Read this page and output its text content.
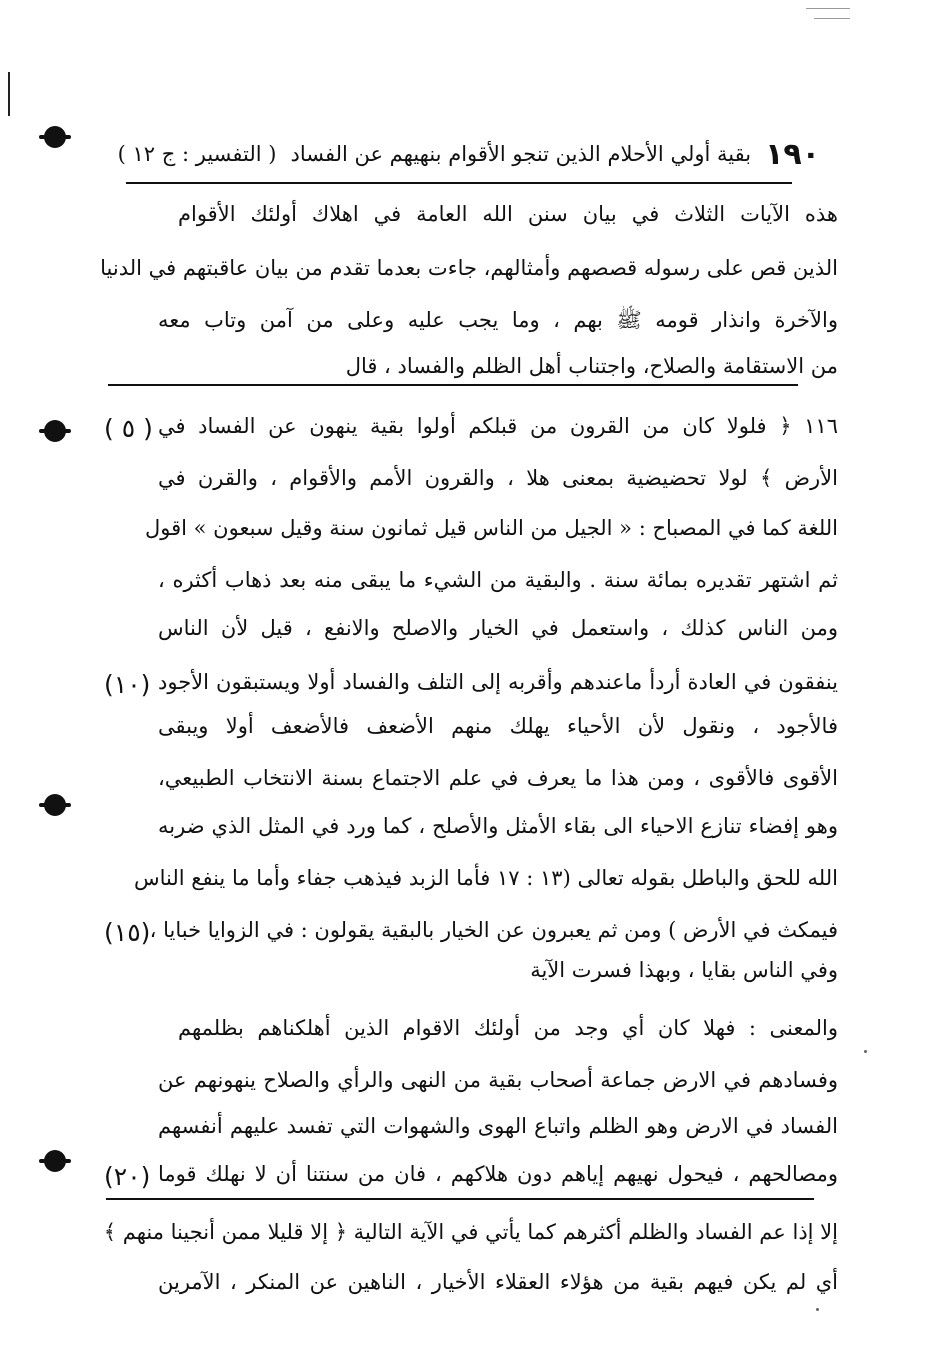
١٩٠
بقية أولي الأحلام الذين تنجو الأقوام بنهيهم عن الفساد
( التفسير : ج ١٢ )
هذه الآيات الثلاث في بيان سنن الله العامة في اهلاك أولئك الأقوام
الذين قص على رسوله قصصهم وأمثالهم، جاءت بعدما تقدم من بيان عاقبتهم في الدنيا
والآخرة وانذار قومه ﷺ بهم ، وما يجب عليه وعلى من آمن وتاب معه
من الاستقامة والصلاح، واجتناب أهل الظلم والفساد ، قال
١١٦ ﴿ فلولا كان من القرون من قبلكم أولوا بقية ينهون عن الفساد في
الأرض ﴾ لولا تحضيضية بمعنى هلا ، والقرون الأمم والأقوام ، والقرن في
اللغة كما في المصباح : « الجيل من الناس قيل ثمانون سنة وقيل سبعون » اقول
ثم اشتهر تقديره بمائة سنة . والبقية من الشيء ما يبقى منه بعد ذهاب أكثره ،
ومن الناس كذلك ، واستعمل في الخيار والاصلح والانفع ، قيل لأن الناس
ينفقون في العادة أردأ ماعندهم وأقربه إلى التلف والفساد أولا ويستبقون الأجود
فالأجود ، ونقول لأن الأحياء يهلك منهم الأضعف فالأضعف أولا ويبقى
الأقوى فالأقوى ، ومن هذا ما يعرف في علم الاجتماع بسنة الانتخاب الطبيعي،
وهو إفضاء تنازع الاحياء الى بقاء الأمثل والأصلح ، كما ورد في المثل الذي ضربه
الله للحق والباطل بقوله تعالى (١٣ : ١٧ فأما الزبد فيذهب جفاء وأما ما ينفع الناس
فيمكث في الأرض ) ومن ثم يعبرون عن الخيار بالبقية يقولون : في الزوايا خبايا ،
وفي الناس بقايا ، وبهذا فسرت الآية
والمعنى : فهلا كان أي وجد من أولئك الاقوام الذين أهلكناهم بظلمهم
وفسادهم في الارض جماعة أصحاب بقية من النهى والرأي والصلاح ينهونهم عن
الفساد في الارض وهو الظلم واتباع الهوى والشهوات التي تفسد عليهم أنفسهم
ومصالحهم ، فيحول نهيهم إياهم دون هلاكهم ، فان من سنتنا أن لا نهلك قوما
إلا إذا عم الفساد والظلم أكثرهم كما يأتي في الآية التالية ﴿ إلا قليلا ممن أنجينا منهم ﴾
أي لم يكن فيهم بقية من هؤلاء العقلاء الأخيار ، الناهين عن المنكر ، الآمرين
( ٥ )
(١٠)
(١٥)
(٢٠)
